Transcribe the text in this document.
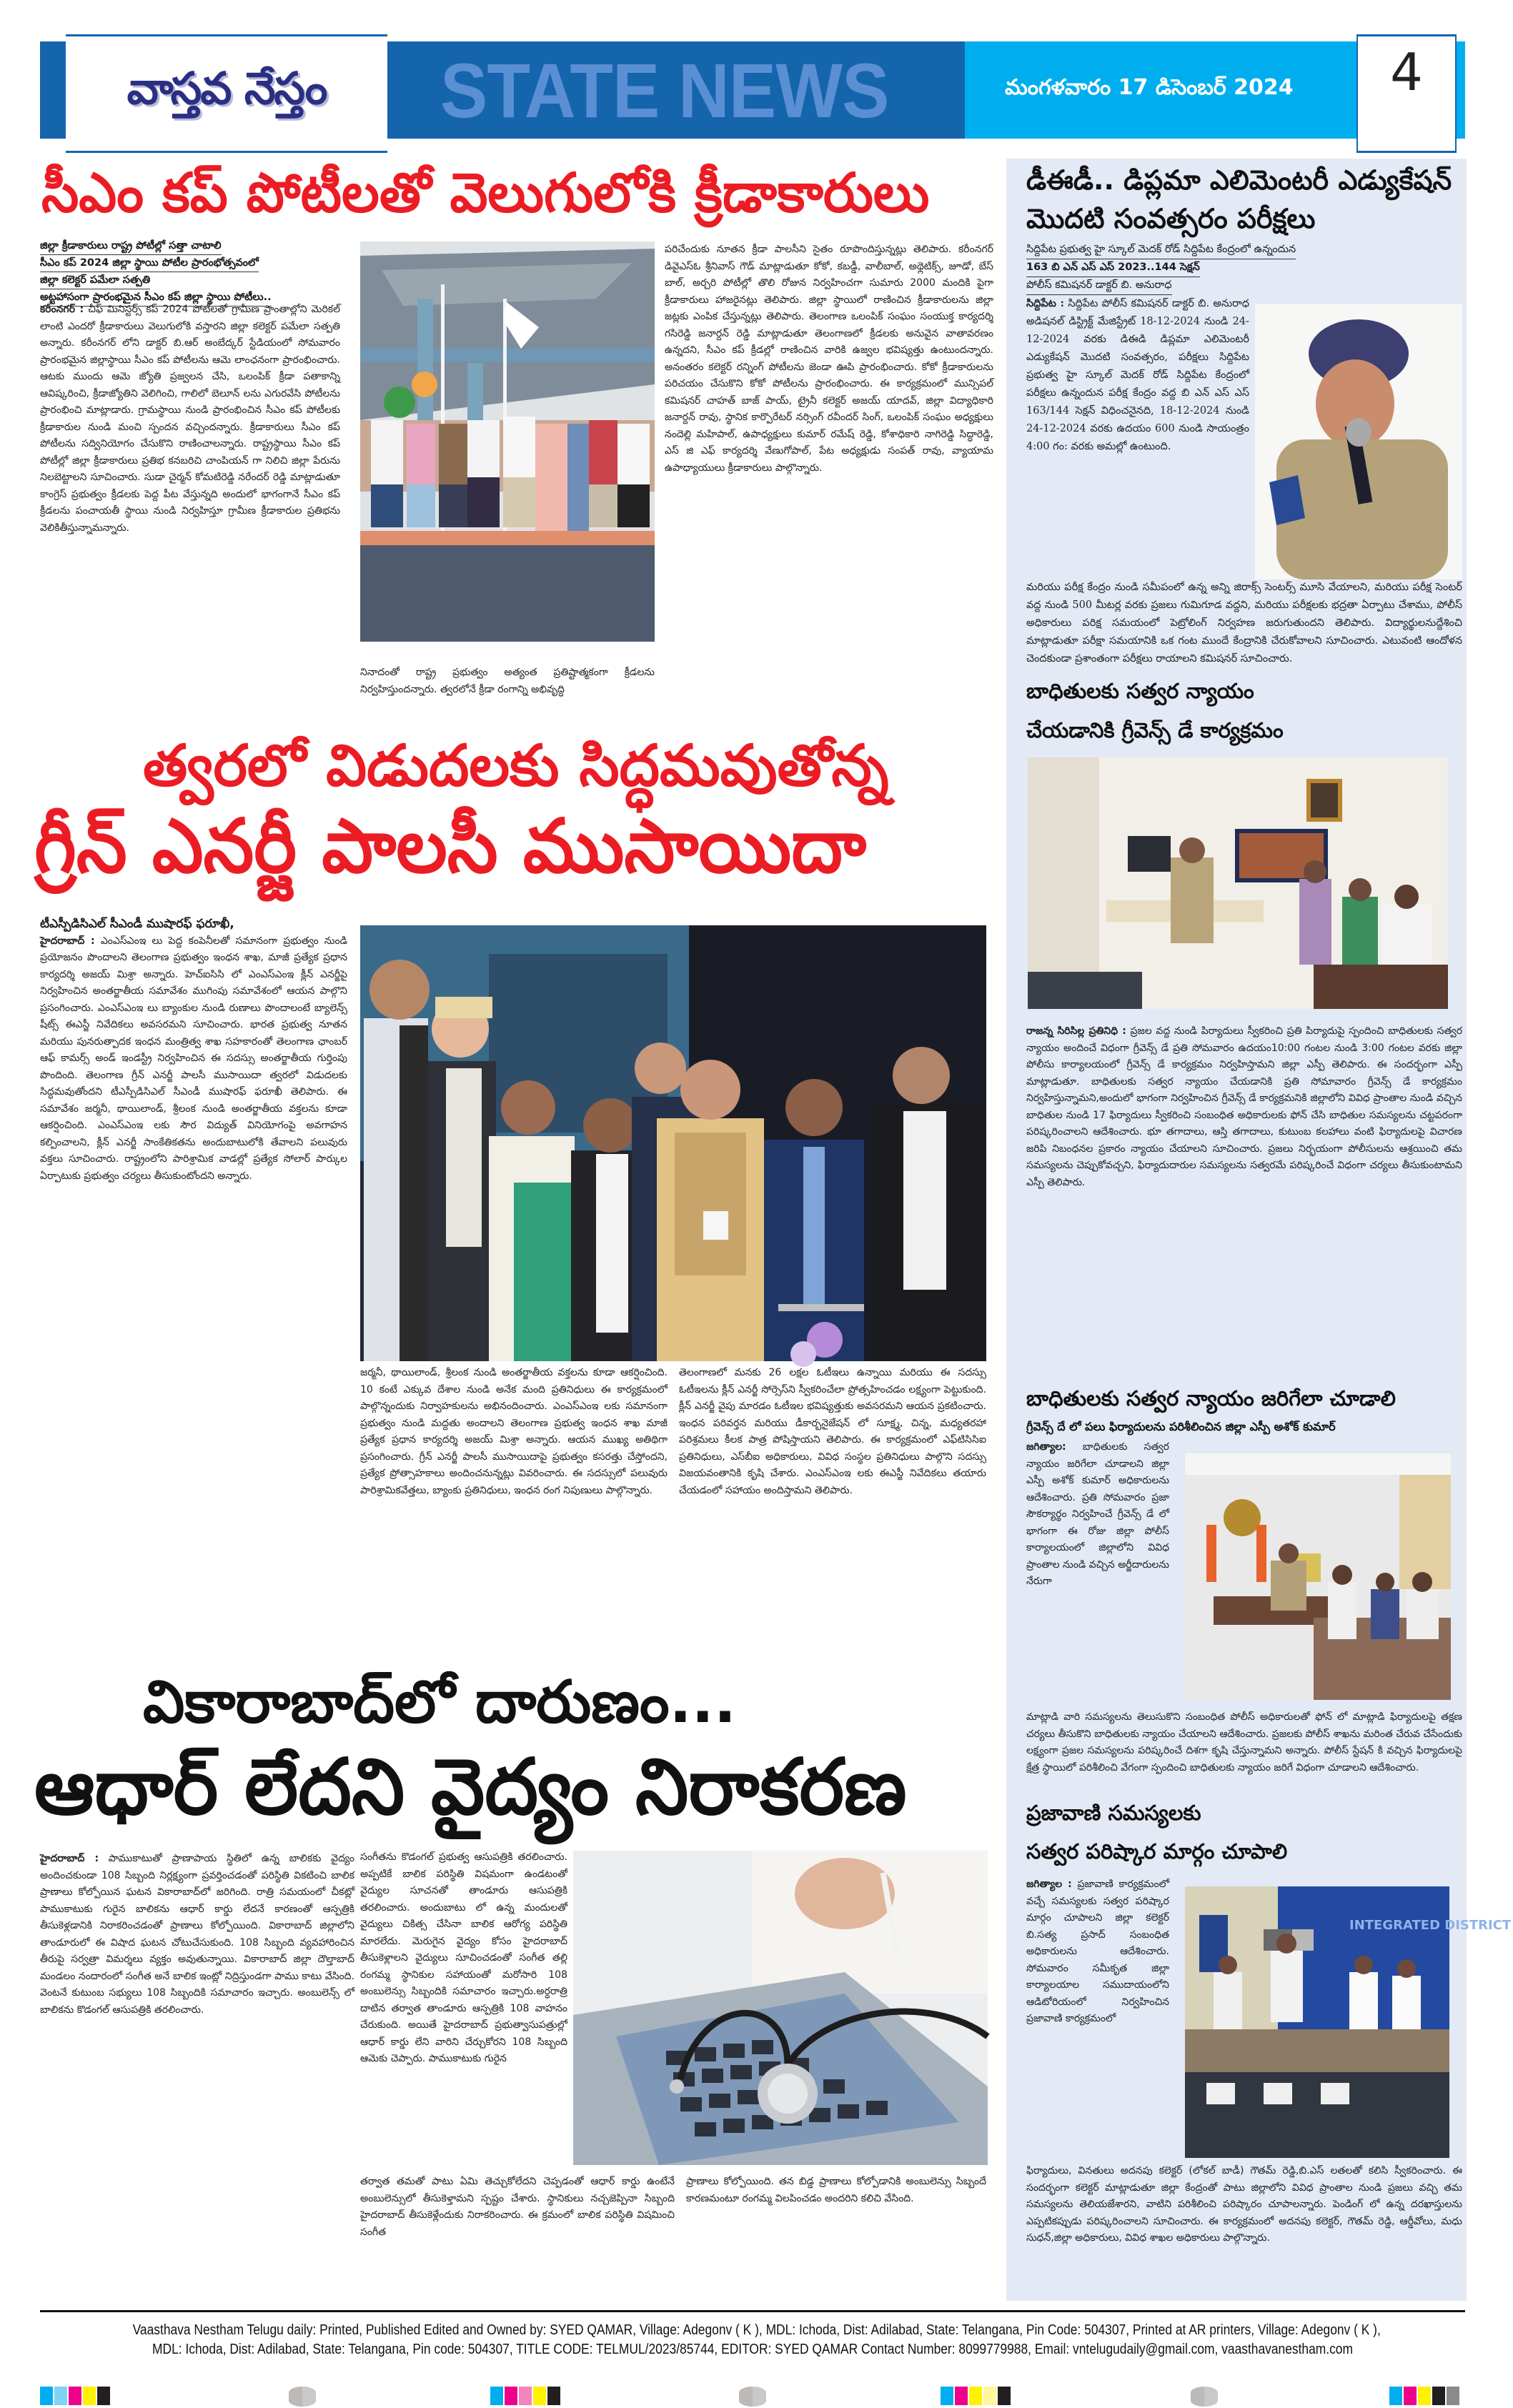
వాస్తవ నేస్తం STATE NEWS	మంగళవారం 17 డిసెంబర్ 2024	4
సీఎం కప్ పోటీలతో వెలుగులోకి క్రీడాకారులు
జిల్లా క్రీడాకారులు రాష్ట్ర పోటీల్లో సత్తా చాటాలి
సీఎం కప్ 2024 జిల్లా స్థాయి పోటీల ప్రారంభోత్సవంలో
జిల్లా కలెక్టర్ పమేలా సత్పతి
అట్టహాసంగా ప్రారంభమైన సీఎం కప్ జిల్లా స్థాయి పోటీలు..
కరీంనగర్ : చీఫ్ మినిస్టర్స్ కప్ 2024 పోటీలతో గ్రామీణ ప్రాంతాల్లోని మెరికల్ లాంటి ఎందరో క్రీడాకారులు వెలుగులోకి వస్తారని జిల్లా కలెక్టర్ పమేలా సత్పతి అన్నారు. కరీంనగర్ లోని డాక్టర్ బి.ఆర్ అంబేద్కర్ స్టేడియంలో సోమవారం ప్రారంభమైన జిల్లాస్థాయి సీఎం కప్ పోటీలను ఆమె లాంఛనంగా ప్రారంభించారు. ఆటకు ముందు ఆమె జ్యోతి ప్రజ్వలన చేసి, ఒలంపిక్ క్రీడా పతాకాన్ని ఆవిష్కరించి, క్రీడాజ్యోతిని వెలిగించి, గాలిలో బెలూన్ లను ఎగురవేసి పోటీలను ప్రారంభించి మాట్లాడారు. గ్రామస్థాయి నుండి ప్రారంభించిన సీఎం కప్ పోటీలకు క్రీడాకారుల నుండి మంచి స్పందన వచ్చిందన్నారు. క్రీడాకారులు సీఎం కప్ పోటీలను సద్వినియోగం చేసుకొని రాణించాలన్నారు. రాష్ట్రస్థాయి సీఎం కప్ పోటీల్లో జిల్లా క్రీడాకారులు ప్రతిభ కనబరిచి చాంపియన్ గా నిలిచి జిల్లా పేరును నిలబెట్టాలని సూచించారు. సుడా చైర్మన్ కోమటిరెడ్డి నరేందర్ రెడ్డి మాట్లాడుతూ కాంగ్రెస్ ప్రభుత్వం క్రీడలకు పెద్ద పీట వేస్తున్నది అందులో భాగంగానే సీఎం కప్ క్రీడలను పంచాయతీ స్థాయి నుండి నిర్వహిస్తూ గ్రామీణ క్రీడాకారుల ప్రతిభను వెలికితీస్తున్నామన్నారు.
నినాదంతో రాష్ట్ర ప్రభుత్వం అత్యంత ప్రతిష్టాత్మకంగా క్రీడలను నిర్వహిస్తుందన్నారు. త్వరలోనే క్రీడా రంగాన్ని అభివృద్ధి
పరిచేందుకు నూతన క్రీడా పాలసీని సైతం రూపొందిస్తున్నట్లు తెలిపారు. కరీంనగర్ డివైఎస్ఓ శ్రీనివాస్ గౌడ్ మాట్లాడుతూ కోకో, కబడ్డీ, వాలీబాల్, అథ్లెటిక్స్, జూడో, బేస్ బాల్, అర్చరి పోటీల్లో తొలి రోజున నిర్వహించగా సుమారు 2000 మందికి పైగా క్రీడాకారులు హాజరైనట్లు తెలిపారు. జిల్లా స్థాయిలో రాణించిన క్రీడాకారులను జిల్లా జట్లకు ఎంపిక చేస్తున్నట్లు తెలిపారు. తెలంగాణ ఒలంపిక్ సంఘం సంయుక్త కార్యదర్శి గసిరెడ్డి జనార్దన్ రెడ్డి మాట్లాడుతూ తెలంగాణలో క్రీడలకు అనువైన వాతావరణం ఉన్నదని, సీఎం కప్ క్రీడల్లో రాణించిన వారికి ఉజ్వల భవిష్యత్తు ఉంటుందన్నారు. అనంతరం కలెక్టర్ రన్నింగ్ పోటీలను జెండా ఊపి ప్రారంభించారు. కోకో క్రీడాకారులను పరిచయం చేసుకొని కోకో పోటీలను ప్రారంభించారు. ఈ కార్యక్రమంలో మున్సిపల్ కమిషనర్ చాహత్ బాజ్ పాయ్, ట్రైనీ కలెక్టర్ అజయ్ యాదవ్, జిల్లా విద్యాధికారి జనార్దన్ రావు, స్థానిక కార్పొరేటర్ నర్సింగ్ రవీందర్ సింగ్, ఒలంపిక్ సంఘం అధ్యక్షులు నందెల్లి మహిపాల్, ఉపాధ్యక్షులు కుమార్ రమేష్ రెడ్డి, కోశాధికారి నాగిరెడ్డి సిద్ధారెడ్డి, ఎస్ జి ఎఫ్ కార్యదర్శి వేణుగోపాల్, పేట అధ్యక్షుడు సంపత్ రావు, వ్యాయామ ఉపాధ్యాయులు క్రీడాకారులు పాల్గొన్నారు.
త్వరలో విడుదలకు సిద్ధమవుతోన్న
గ్రీన్ ఎనర్జీ పాలసీ ముసాయిదా
టీఎస్పీడిసిఎల్ సీఎండీ ముషారఫ్ ఫరూఖీ,
హైదరాబాద్ : ఎంఎస్ఎంఇ లు పెద్ద కంపెనీలతో సమానంగా ప్రభుత్వం నుండి ప్రయోజనం పొందాలని తెలంగాణ ప్రభుత్వం ఇంధన శాఖ, మాజీ ప్రత్యేక ప్రధాన కార్యదర్శి అజయ్ మిశ్రా అన్నారు. హెచ్ఐసిసి లో ఎంఎస్ఎంఇ క్లీన్ ఎనర్జీపై నిర్వహించిన అంతర్జాతీయ సమావేశం ముగింపు సమావేశంలో ఆయన పాల్గొని ప్రసంగించారు. ఎంఎస్ఎంఇ లు బ్యాంకుల నుండి రుణాలు పొందాలంటే బ్యాలెన్స్ షీట్స్ ఈఎస్జీ నివేదికలు అవసరమని సూచించారు. భారత ప్రభుత్వ నూతన మరియు పునరుత్పాదక ఇంధన మంత్రిత్వ శాఖ సహకారంతో తెలంగాణ ఛాంబర్ ఆఫ్ కామర్స్ అండ్ ఇండస్ట్రీ నిర్వహించిన ఈ సదస్సు అంతర్జాతీయ గుర్తింపు పొందింది. తెలంగాణ గ్రీన్ ఎనర్జీ పాలసీ ముసాయిదా త్వరలో విడుదలకు సిద్ధమవుతోందని టీఎస్పీడిసిఎల్ సీఎండీ ముషారఫ్ ఫరూఖీ తెలిపారు. ఈ సమావేశం జర్మనీ, థాయిలాండ్, శ్రీలంక నుండి అంతర్జాతీయ వక్తలను కూడా ఆకర్షించింది. ఎంఎస్ఎంఇ లకు సౌర విద్యుత్ వినియోగంపై అవగాహన కల్పించాలని, క్లీన్ ఎనర్జీ సాంకేతికతను అందుబాటులోకి తేవాలని పలువురు వక్తలు సూచించారు. రాష్ట్రంలోని పారిశ్రామిక వాడల్లో ప్రత్యేక సోలార్ పార్కుల ఏర్పాటుకు ప్రభుత్వం చర్యలు తీసుకుంటోందని అన్నారు.
జర్మనీ, థాయిలాండ్, శ్రీలంక నుండి అంతర్జాతీయ వక్తలను కూడా ఆకర్షించింది. 10 కంటే ఎక్కువ దేశాల నుండి అనేక మంది ప్రతినిధులు ఈ కార్యక్రమంలో పాల్గొన్నందుకు నిర్వాహకులను అభినందించారు. ఎంఎస్ఎంఇ లకు సమానంగా ప్రభుత్వం నుండి మద్దతు అందాలని తెలంగాణ ప్రభుత్వ ఇంధన శాఖ మాజీ ప్రత్యేక ప్రధాన కార్యదర్శి అజయ్ మిశ్రా అన్నారు. ఆయన ముఖ్య అతిథిగా ప్రసంగించారు. గ్రీన్ ఎనర్జీ పాలసీ ముసాయిదాపై ప్రభుత్వం కసరత్తు చేస్తోందని, ప్రత్యేక ప్రోత్సాహకాలు అందించనున్నట్లు వివరించారు. ఈ సదస్సులో పలువురు పారిశ్రామికవేత్తలు, బ్యాంకు ప్రతినిధులు, ఇంధన రంగ నిపుణులు పాల్గొన్నారు.
తెలంగాణలో మనకు 26 లక్షల ఓటీఇలు ఉన్నాయి మరియు ఈ సదస్సు ఓటీఇలను క్లీన్ ఎనర్జీ సోర్సెస్‌ని స్వీకరించేలా ప్రోత్సహించడం లక్ష్యంగా పెట్టుకుంది. క్లీన్ ఎనర్జీ వైపు మారడం ఓటీఇల భవిష్యత్తుకు అవసరమని ఆయన ప్రకటించారు. ఇంధన పరివర్తన మరియు డీకార్బనైజేషన్ లో సూక్ష్మ, చిన్న, మధ్యతరహా పరిశ్రమలు కీలక పాత్ర పోషిస్తాయని తెలిపారు. ఈ కార్యక్రమంలో ఎఫ్‌టిసిసిఐ ప్రతినిధులు, ఎస్‌బీఐ అధికారులు, వివిధ సంస్థల ప్రతినిధులు పాల్గొని సదస్సు విజయవంతానికి కృషి చేశారు. ఎంఎస్ఎంఇ లకు ఈఎస్జీ నివేదికలు తయారు చేయడంలో సహాయం అందిస్తామని తెలిపారు.
వికారాబాద్‌లో దారుణం...
ఆధార్ లేదని వైద్యం నిరాకరణ
హైదరాబాద్ : పాముకాటుతో ప్రాణాపాయ స్థితిలో ఉన్న బాలికకు వైద్యం అందించకుండా 108 సిబ్బంది నిర్లక్ష్యంగా ప్రవర్తించడంతో పరిస్థితి వికటించి బాలిక ప్రాణాలు కోల్పోయిన ఘటన వికారాబాద్‌లో జరిగింది. రాత్రి సమయంలో చీకట్లో పాముకాటుకు గురైన బాలికను ఆధార్ కార్డు లేదనే కారణంతో ఆస్పత్రికి తీసుకెళ్లడానికి నిరాకరించడంతో ప్రాణాలు కోల్పోయింది. వికారాబాద్ జిల్లాలోని తాండూరులో ఈ విషాద ఘటన చోటుచేసుకుంది. 108 సిబ్బంది వ్యవహారించిన తీరుపై సర్వత్రా విమర్శలు వ్యక్తం అవుతున్నాయి. వికారాబాద్ జిల్లా దౌల్తాబాద్ మండలం నందారంలో సంగీత అనే బాలిక ఇంట్లో నిద్రిస్తుండగా పాము కాటు వేసింది. వెంటనే కుటుంబ సభ్యులు 108 సిబ్బందికి సమాచారం ఇచ్చారు. అంబులెన్స్ లో బాలికను కొడంగల్ ఆసుపత్రికి తరలించారు.
సంగీతను కొడంగల్ ప్రభుత్వ ఆసుపత్రికి తరలించారు. అప్పటికే బాలిక పరిస్థితి విషమంగా ఉండటంతో వైద్యుల సూచనతో తాండూరు ఆసుపత్రికి తరలించారు. అందుబాటు లో ఉన్న మందులతో వైద్యులు చికిత్స చేసినా బాలిక ఆరోగ్య పరిస్థితి మారలేదు. మెరుగైన వైద్యం కోసం హైదరాబాద్ తీసుకెళ్లాలని వైద్యులు సూచించడంతో సంగీత తల్లి రంగమ్మ స్థానికుల సహాయంతో మరోసారి 108 అంబులెన్సు సిబ్బందికి సమాచారం ఇచ్చారు.అర్ధరాత్రి దాటిన తర్వాత తాండూరు ఆస్పత్రికి 108 వాహనం చేరుకుంది. అయితే హైదరాబాద్ ప్రభుత్వాసుపత్రుల్లో ఆధార్ కార్డు లేని వారిని చేర్చుకోరని 108 సిబ్బంది ఆమెకు చెప్పారు. పాముకాటుకు గురైన
తర్వాత తమతో పాటు ఏమి తెచ్చుకోలేదని చెప్పడంతో ఆధార్ కార్డు ఉంటేనే అంబులెన్సులో తీసుకెళ్తామని స్పష్టం చేశారు. స్థానికులు నచ్చజెప్పినా సిబ్బంది హైదరాబాద్ తీసుకెళ్లేందుకు నిరాకరించారు. ఈ క్రమంలో బాలిక పరిస్థితి విషమించి సంగీత
ప్రాణాలు కోల్పోయింది. తన బిడ్డ ప్రాణాలు కోల్పోడానికి అంబులెన్సు సిబ్బందే కారణమంటూ రంగమ్మ విలపించడం అందరిని కలిచి వేసింది.
డీఈడీ.. డిప్లమా ఎలిమెంటరీ ఎడ్యుకేషన్
మొదటి సంవత్సరం పరీక్షలు
సిద్దిపేట ప్రభుత్వ హై స్కూల్ మెదక్ రోడ్ సిద్దిపేట కేంద్రంలో ఉన్నందున
163 బి ఎన్ ఎస్ ఎస్ 2023..144 సెక్షన్
పోలీస్ కమిషనర్ డాక్టర్ బి. అనురాధ
సిద్దిపేట : సిద్దిపేట పోలీస్ కమిషనర్ డాక్టర్ బి. అనురాధ అడిషనల్ డిస్ట్రిక్ట్ మేజిస్ట్రేట్ 18-12-2024 నుండి 24-12-2024 వరకు డిఈడి డిప్లమా ఎలిమెంటరీ ఎడ్యుకేషన్ మొదటి సంవత్సరం, పరీక్షలు సిద్దిపేట ప్రభుత్వ హై స్కూల్ మెదక్ రోడ్ సిద్దిపేట కేంద్రంలో పరీక్షలు ఉన్నందున పరీక్ష కేంద్రం వద్ద బి ఎన్ ఎస్ ఎస్ 163/144 సెక్షన్ విధించనైనది, 18-12-2024 నుండి 24-12-2024 వరకు ఉదయం 600 నుండి సాయంత్రం 4:00 గం: వరకు అమల్లో ఉంటుంది.
మరియు పరీక్ష కేంద్రం నుండి సమీపంలో ఉన్న అన్ని జిరాక్స్ సెంటర్స్ మూసి వేయాలని, మరియు పరీక్ష సెంటర్ వద్ద నుండి 500 మీటర్ల వరకు ప్రజలు గుమిగూడ వద్దని, మరియు పరీక్షలకు భద్రతా ఏర్పాటు చేశాము, పోలీస్ అధికారులు పరిక్ష సమయంలో పెట్రోలింగ్ నిర్వహణ జరుగుతుందని తెలిపారు. విద్యార్థులనుద్దేశించి మాట్లాడుతూ పరీక్షా సమయానికి ఒక గంట ముందే కేంద్రానికి చేరుకోవాలని సూచించారు. ఎటువంటి ఆందోళన చెందకుండా ప్రశాంతంగా పరీక్షలు రాయాలని కమిషనర్ సూచించారు.
బాధితులకు సత్వర న్యాయం
చేయడానికి గ్రీవెన్స్ డే కార్యక్రమం
రాజన్న సిరిసిల్ల ప్రతినిధి : ప్రజల వద్ద నుండి పిర్యాదులు స్వీకరించి ప్రతి పిర్యాదుపై స్పందించి బాధితులకు సత్వర న్యాయం అందించే విధంగా గ్రీవెన్స్ డే ప్రతి సోమవారం ఉదయం10:00 గంటల నుండి 3:00 గంటల వరకు జిల్లా పోలీసు కార్యాలయంలో గ్రీవెన్స్ డే కార్యక్రమం నిర్వహిస్తామని జిల్లా ఎస్పీ తెలిపారు. ఈ సందర్భంగా ఎస్పీ మాట్లాడుతూ. బాధితులకు సత్వర న్యాయం చేయడానికి ప్రతి సోమావారం గ్రీవెన్స్ డే కార్యక్రమం నిర్వహిస్తున్నామని,అందులో భాగంగా నిర్వహించిన గ్రీవెన్స్ డే కార్యక్రమనికి జిల్లాలోని వివిధ ప్రాంతాల నుండి వచ్చిన బాధితుల నుండి 17 ఫిర్యాదులు స్వీకరించి సంబంధిత అధికారులకు ఫోన్ చేసి బాధితుల సమస్యలను చట్టపరంగా పరిష్కరించాలని ఆదేశించారు. భూ తగాదాలు, ఆస్తి తగాదాలు, కుటుంబ కలహాలు వంటి ఫిర్యాదులపై విచారణ జరిపి నిబంధనల ప్రకారం న్యాయం చేయాలని సూచించారు. ప్రజలు నిర్భయంగా పోలీసులను ఆశ్రయించి తమ సమస్యలను చెప్పుకోవచ్చని, ఫిర్యాదుదారుల సమస్యలను సత్వరమే పరిష్కరించే విధంగా చర్యలు తీసుకుంటామని ఎస్పీ తెలిపారు.
బాధితులకు సత్వర న్యాయం జరిగేలా చూడాలి
గ్రీవెన్స్ దే లో పలు ఫిర్యాదులను పరిశీలించిన జిల్లా ఎస్పీ అశోక్ కుమార్
జగిత్యాల: బాధితులకు సత్వర న్యాయం జరిగేలా చూడాలని జిల్లా ఎస్పీ అశోక్ కుమార్ అధికారులను ఆదేశించారు. ప్రతి సోమవారం ప్రజా సౌకర్యార్థం నిర్వహించే గ్రీవెన్స్ డే లో భాగంగా ఈ రోజు జిల్లా పోలీస్ కార్యాలయంలో జిల్లాలోని వివిధ ప్రాంతాల నుండి వచ్చిన అర్జీదారులను నేరుగా
మాట్లాడి వారి సమస్యలను తెలుసుకొని సంబంధిత పోలీస్ అధికారులతో ఫోన్ లో మాట్లాడి ఫిర్యాదులపై తక్షణ చర్యలు తీసుకొని బాధితులకు న్యాయం చేయాలని ఆదేశించారు. ప్రజలకు పోలీస్ శాఖను మరింత చేరువ చేసేందుకు లక్ష్యంగా ప్రజల సమస్యలను పరిష్కరించే దిశగా కృషి చేస్తున్నామని అన్నారు. పోలీస్ స్టేషన్ కి వచ్చిన ఫిర్యాదులపై క్షేత్ర స్థాయిలో పరిశీలించి వేగంగా స్పందించి బాధితులకు న్యాయం జరిగే విధంగా చూడాలని ఆదేశించారు.
ప్రజావాణి సమస్యలకు
సత్వర పరిష్కార మార్గం చూపాలి
జగిత్యాల : ప్రజావాణి కార్యక్రమంలో వచ్చే సమస్యలకు సత్వర పరిష్కార మార్గం చూపాలని జిల్లా కలెక్టర్ బి.సత్య ప్రసాద్ సంబంధిత అధికారులను ఆదేశించారు. సోమవారం సమీకృత జిల్లా కార్యాలయాల సముదాయంలోని ఆడిటోరియంలో నిర్వహించిన ప్రజావాణి కార్యక్రమంలో
INTEGRATED DISTRICT
ఫిర్యాదులు, వినతులు అదనపు కలెక్టర్ (లోకల్ బాడీ) గౌతమ్ రెడ్డి,బి.ఎస్ లతలతో కలిసి స్వీకరించారు. ఈ సందర్భంగా కలెక్టర్ మాట్లాడుతూ జిల్లా కేంద్రంతో పాటు జిల్లాలోని వివిధ ప్రాంతాల నుండి ప్రజలు వచ్చి తమ సమస్యలను తెలియజేశారని, వాటిని పరిశీలించి పరిష్కారం చూపాలన్నారు. పెండింగ్ లో ఉన్న దరఖాస్తులను ఎప్పటికప్పుడు పరిష్కరించాలని సూచించారు. ఈ కార్యక్రమంలో అదనపు కలెక్టర్, గౌతమ్ రెడ్డి, ఆర్డీవోలు, మధు సుధన్,జిల్లా అధికారులు, వివిధ శాఖల అధికారులు పాల్గొన్నారు.
Vaasthava Nestham Telugu daily: Printed, Published Edited and Owned by: SYED QAMAR, Village: Adegonv ( K ), MDL: Ichoda, Dist: Adilabad, State: Telangana, Pin Code: 504307, Printed at AR printers, Village: Adegonv ( K ),
MDL: Ichoda, Dist: Adilabad, State: Telangana, Pin code: 504307, TITLE CODE: TELMUL/2023/85744, EDITOR: SYED QAMAR Contact Number: 8099779988, Email: vntelugudaily@gmail.com, vaasthavanestham.com
